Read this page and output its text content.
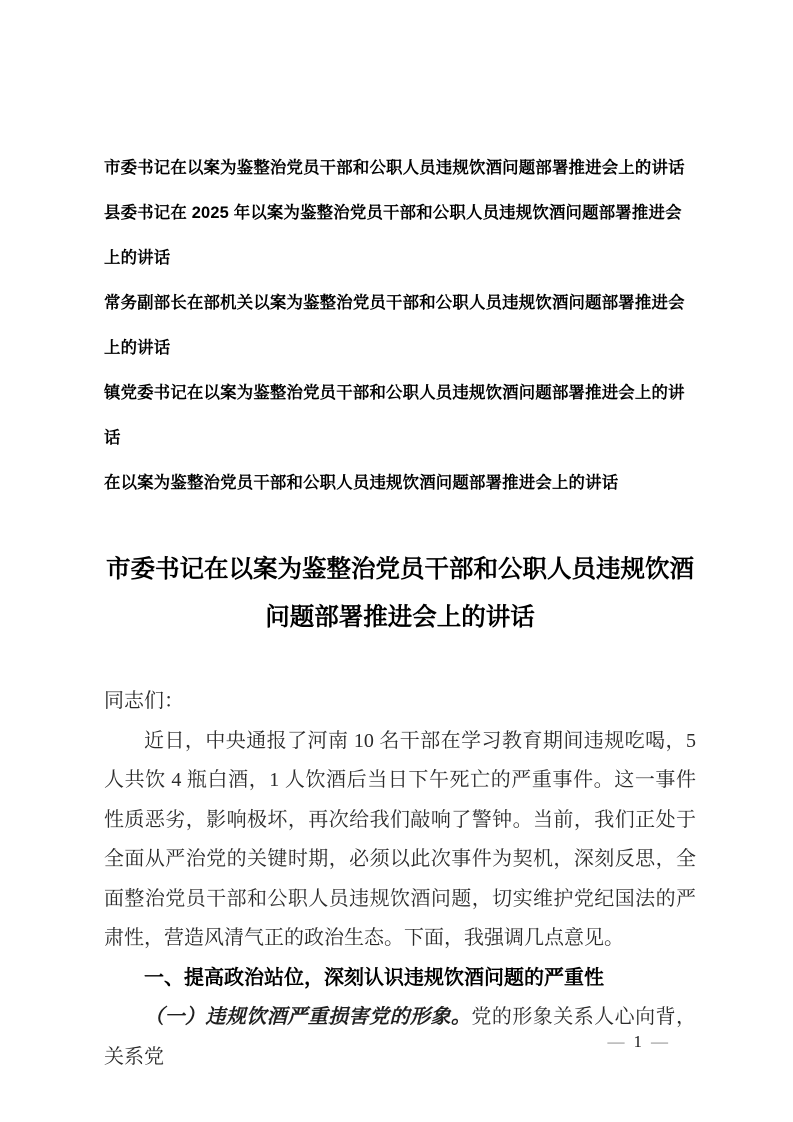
市委书记在以案为鉴整治党员干部和公职人员违规饮酒问题部署推进会上的讲话

县委书记在 2025 年以案为鉴整治党员干部和公职人员违规饮酒问题部署推进会上的讲话

常务副部长在部机关以案为鉴整治党员干部和公职人员违规饮酒问题部署推进会上的讲话

镇党委书记在以案为鉴整治党员干部和公职人员违规饮酒问题部署推进会上的讲话

在以案为鉴整治党员干部和公职人员违规饮酒问题部署推进会上的讲话

市委书记在以案为鉴整治党员干部和公职人员违规饮酒问题部署推进会上的讲话

同志们：

近日，中央通报了河南 10 名干部在学习教育期间违规吃喝，5 人共饮 4 瓶白酒，1 人饮酒后当日下午死亡的严重事件。这一事件性质恶劣，影响极坏，再次给我们敲响了警钟。当前，我们正处于全面从严治党的关键时期，必须以此次事件为契机，深刻反思，全面整治党员干部和公职人员违规饮酒问题，切实维护党纪国法的严肃性，营造风清气正的政治生态。下面，我强调几点意见。

一、提高政治站位，深刻认识违规饮酒问题的严重性

（一）违规饮酒严重损害党的形象。党的形象关系人心向背，关系党

— 1 —
